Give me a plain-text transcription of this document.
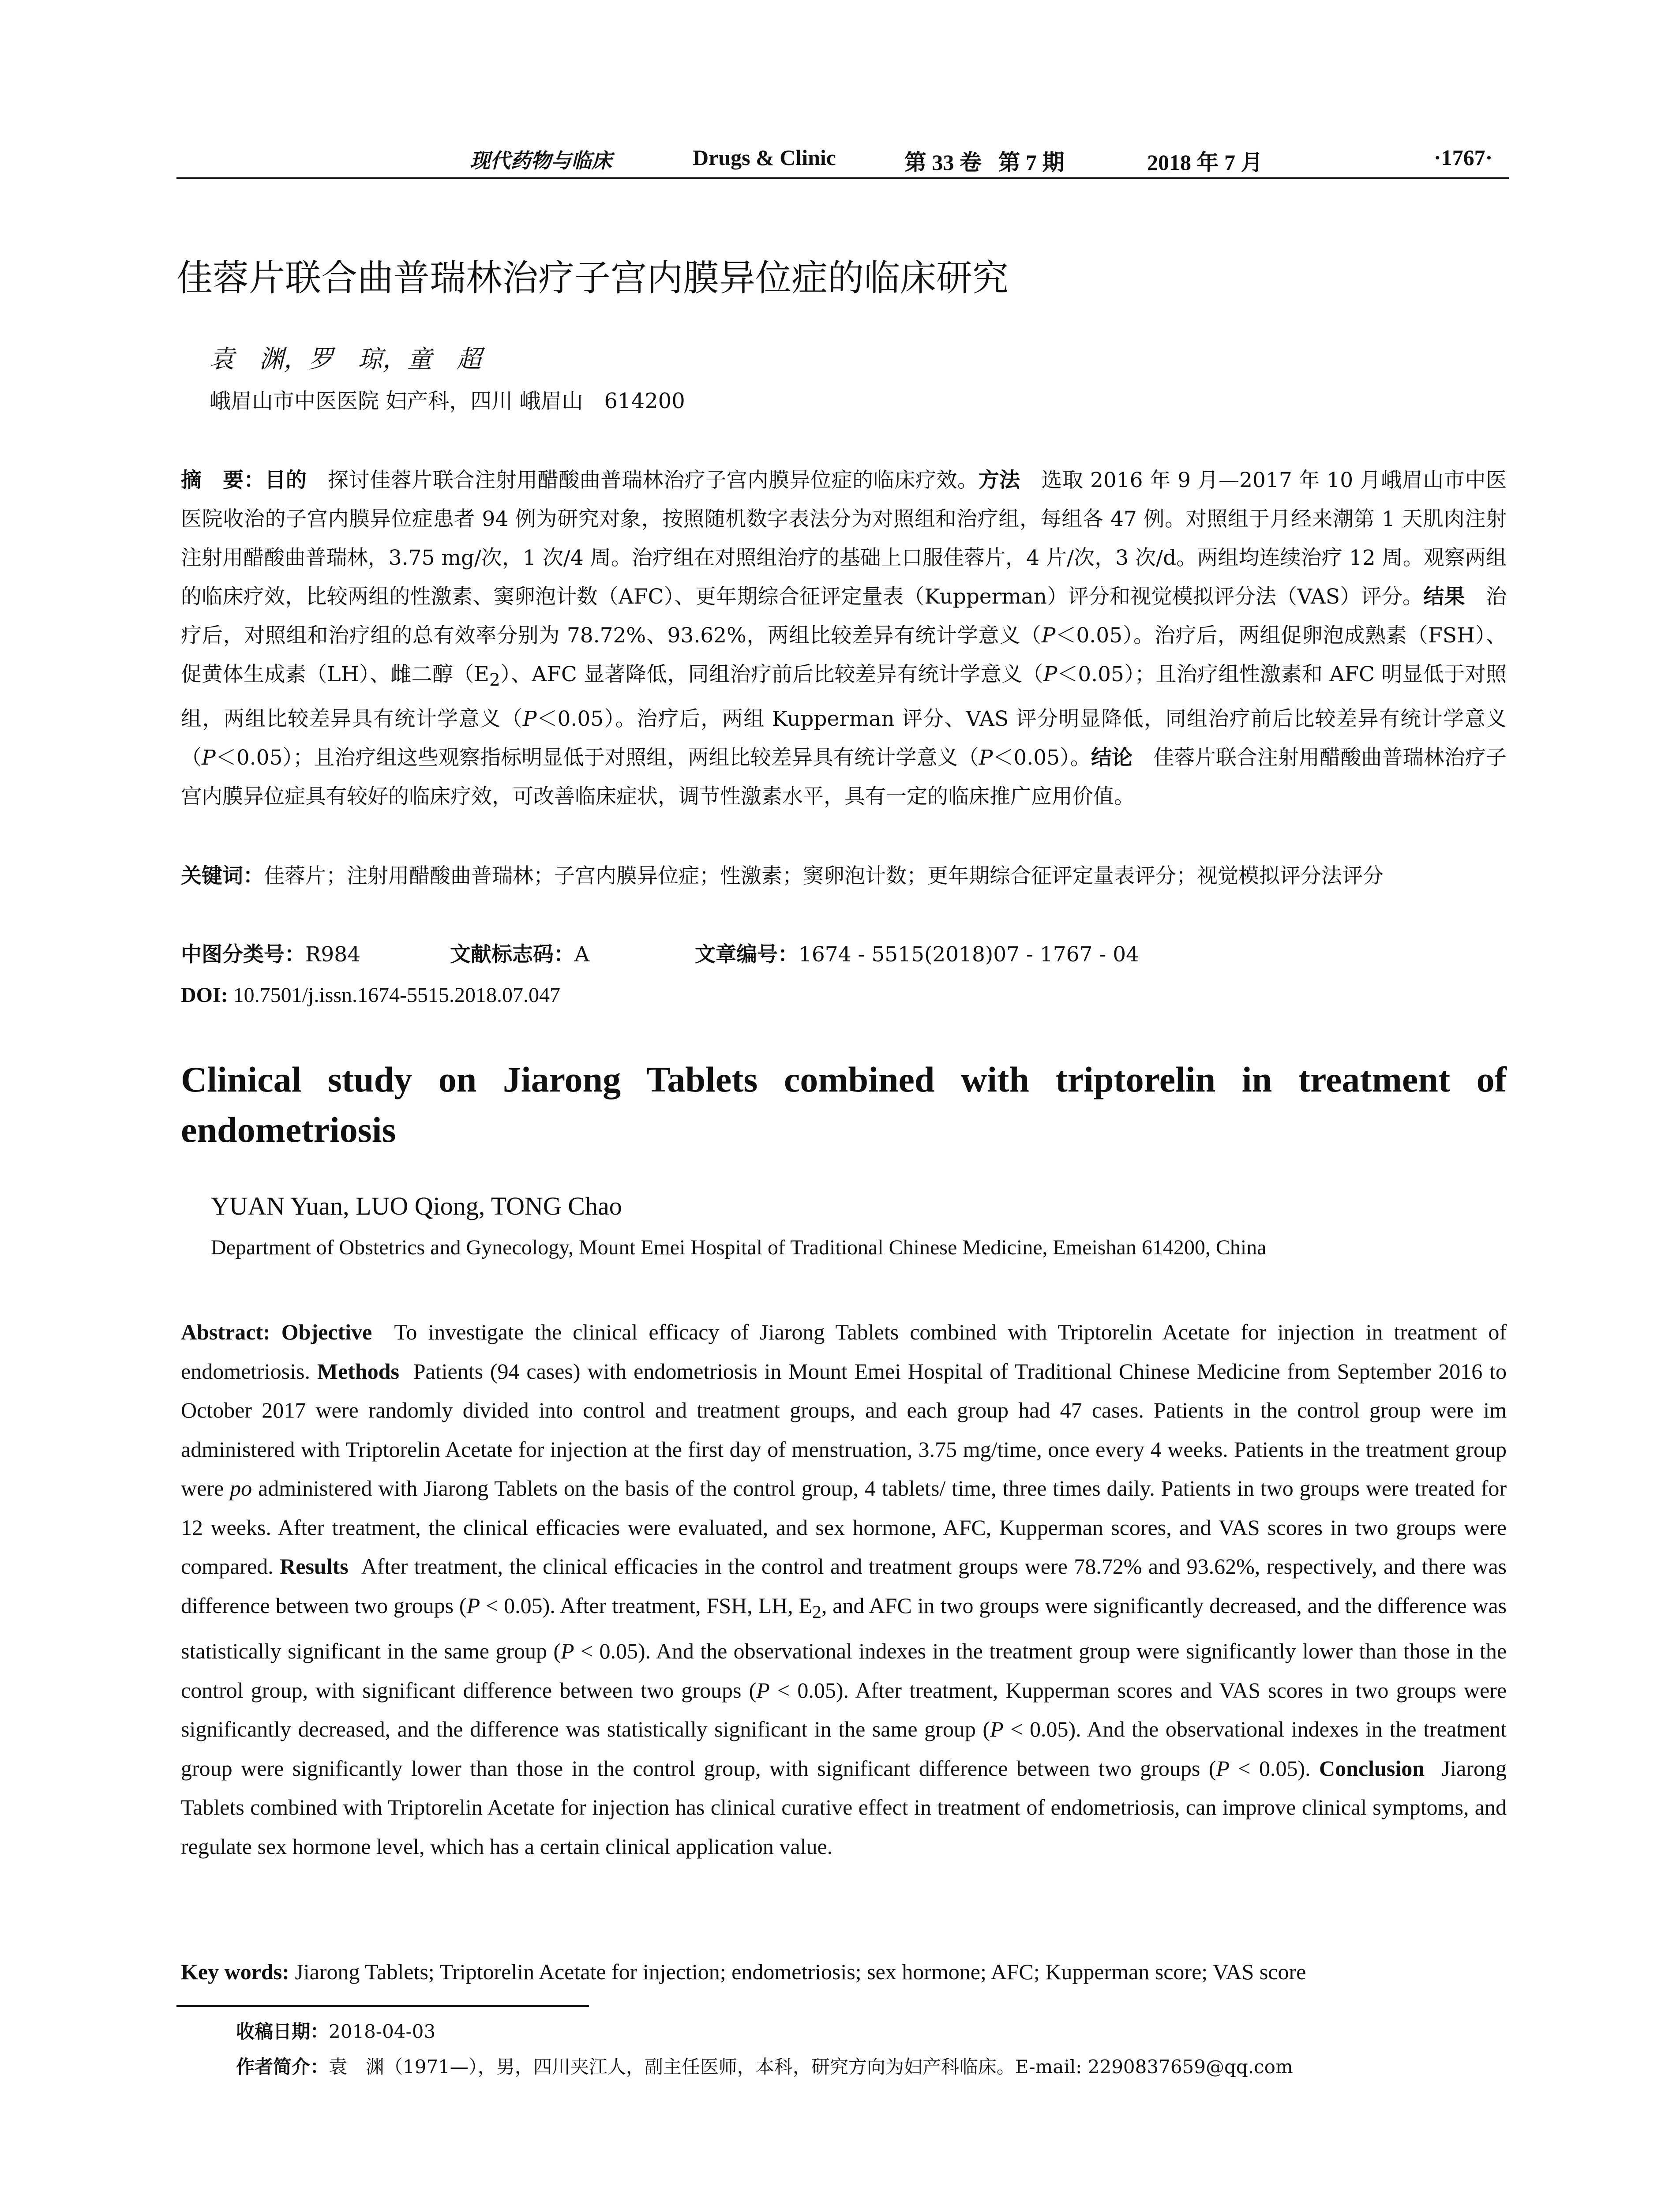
现代药物与临床	Drugs & Clinic	第 33 卷   第 7 期	2018 年 7 月	·1767·
佳蓉片联合曲普瑞林治疗子宫内膜异位症的临床研究
袁　渊，罗　琼，童　超
峨眉山市中医医院 妇产科，四川 峨眉山　614200

摘　要：目的　 探讨佳蓉片联合注射用醋酸曲普瑞林治疗子宫内膜异位症的临床疗效。方法　 选取 2016 年 9 月—2017 年 10 月峨眉山市中医医院收治的子宫内膜异位症患者 94 例为研究对象，按照随机数字表法分为对照组和治疗组，每组各 47 例。对照组于月经来潮第 1 天肌肉注射注射用醋酸曲普瑞林，3.75 mg/次，1 次/4 周。治疗组在对照组治疗的基础上口服佳蓉片，4 片/次，3 次/d。两组均连续治疗 12 周。观察两组的临床疗效，比较两组的性激素、窦卵泡计数（AFC）、更年期综合征评定量表（Kupperman）评分和视觉模拟评分法（VAS）评分。结果　 治疗后，对照组和治疗组的总有效率分别为 78.72%、93.62%，两组比较差异有统计学意义（P＜0.05）。治疗后，两组促卵泡成熟素（FSH）、促黄体生成素（LH）、雌二醇$(E_2)$、AFC 显著降低，同组治疗前后比较差异有统计学意义（P＜0.05）；且治疗组性激素和 AFC 明显低于对照组，两组比较差异具有统计学意义（P＜0.05）。治疗后，两组 Kupperman 评分、VAS 评分明显降低，同组治疗前后比较差异有统计学意义（P＜0.05）；且治疗组这些观察指标明显低于对照组，两组比较差异具有统计学意义（P＜0.05）。结论　 佳蓉片联合注射用醋酸曲普瑞林治疗子宫内膜异位症具有较好的临床疗效，可改善临床症状，调节性激素水平，具有一定的临床推广应用价值。

关键词：佳蓉片；注射用醋酸曲普瑞林；子宫内膜异位症；性激素；窦卵泡计数；更年期综合征评定量表评分；视觉模拟评分法评分

中图分类号： R984	文献标志码： A	文章编号： 1674 - 5515(2018)07 - 1767 - 04
DOI: 10.7501/j.issn.1674-5515.2018.07.047
Clinical study on Jiarong Tablets combined with triptorelin in treatment of endometriosis
YUAN Yuan, LUO Qiong, TONG Chao
Department of Obstetrics and Gynecology, Mount Emei Hospital of Traditional Chinese Medicine, Emeishan 614200, China

Abstract: Objective To investigate the clinical efficacy of Jiarong Tablets combined with Triptorelin Acetate for injection in treatment of endometriosis. Methods Patients (94 cases) with endometriosis in Mount Emei Hospital of Traditional Chinese Medicine from September 2016 to October 2017 were randomly divided into control and treatment groups, and each group had 47 cases. Patients in the control group were im administered with Triptorelin Acetate for injection at the first day of menstruation, 3.75 mg/time, once every 4 weeks. Patients in the treatment group were po administered with Jiarong Tablets on the basis of the control group, 4 tablets/ time, three times daily. Patients in two groups were treated for 12 weeks. After treatment, the clinical efficacies were evaluated, and sex hormone, AFC, Kupperman scores, and VAS scores in two groups were compared. Results After treatment, the clinical efficacies in the control and treatment groups were 78.72% and 93.62%, respectively, and there was difference between two groups (P < 0.05). After treatment, FSH, LH, $E_2$, and AFC in two groups were significantly decreased, and the difference was statistically significant in the same group (P < 0.05). And the observational indexes in the treatment group were significantly lower than those in the control group, with significant difference between two groups (P < 0.05). After treatment, Kupperman scores and VAS scores in two groups were significantly decreased, and the difference was statistically significant in the same group (P < 0.05). And the observational indexes in the treatment group were significantly lower than those in the control group, with significant difference between two groups (P < 0.05). Conclusion Jiarong Tablets combined with Triptorelin Acetate for injection has clinical curative effect in treatment of endometriosis, can improve clinical symptoms, and regulate sex hormone level, which has a certain clinical application value.

Key words: Jiarong Tablets; Triptorelin Acetate for injection; endometriosis; sex hormone; AFC; Kupperman score; VAS score

收稿日期：2018-04-03
作者简介：袁　渊（1971—），男，四川夹江人，副主任医师，本科，研究方向为妇产科临床。E-mail: 2290837659@qq.com
